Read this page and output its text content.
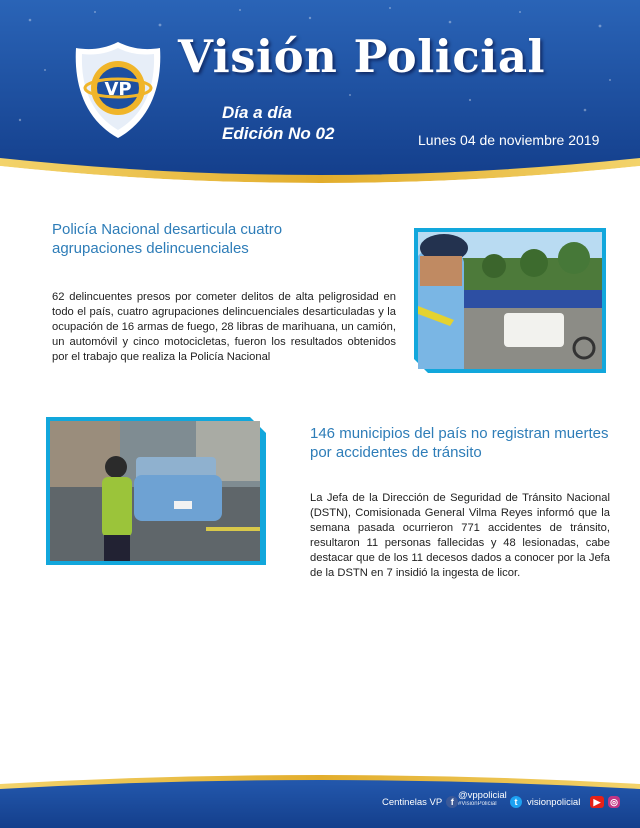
VP
Visión Policial
Día a día
Edición No 02	Lunes 04 de noviembre 2019
Policía Nacional desarticula cuatro agrupaciones delincuenciales

62 delincuentes presos por cometer delitos de alta peligrosidad en todo el país, cuatro agrupaciones delincuenciales desarticuladas y la ocupación de 16 armas de fuego, 28 libras de marihuana, un camión, un automóvil y cinco motocicletas, fueron los resultados obtenidos por el trabajo que realiza la Policía Nacional

146 municipios del país no registran muertes por accidentes de tránsito

La Jefa de la Dirección de Seguridad de Tránsito Nacional (DSTN), Comisionada General Vilma Reyes informó que la semana pasada ocurrieron 771 accidentes de tránsito, resultaron 11 personas fallecidas y 48 lesionadas, cabe destacar que de los 11 decesos dados a conocer por la Jefa de la DSTN en 7 insidió la ingesta de licor.

Centinelas VP f
@vppolicial
#VisionPolicial	t	visionpolicial	▶	◎
